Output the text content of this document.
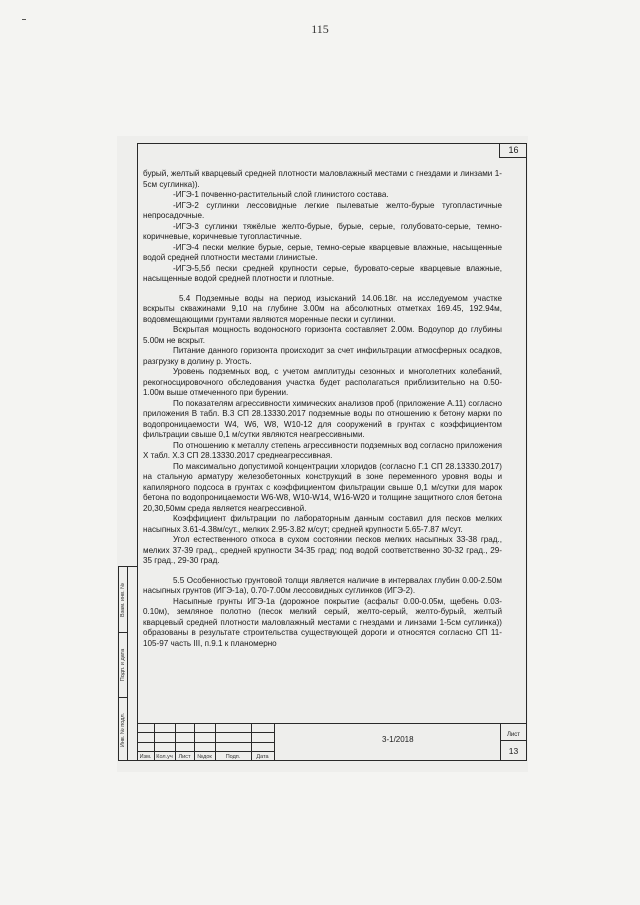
115
16
Взам. инв. №
Подп. и дата
Инв. № подл.

бурый, желтый кварцевый средней плотности маловлажный местами с гнездами и линзами 1-5см суглинка)).

-ИГЭ-1 почвенно-растительный слой глинистого состава.

-ИГЭ-2 суглинки лессовидные легкие пылеватые желто-бурые тугопластичные непросадочные.

-ИГЭ-3 суглинки тяжёлые желто-бурые, бурые, серые, голубовато-серые, темно-коричневые, коричневые тугопластичные.

-ИГЭ-4 пески мелкие бурые, серые, темно-серые кварцевые влажные, насыщенные водой средней плотности местами глинистые.

-ИГЭ-5,5б пески средней крупности серые, буровато-серые кварцевые влажные, насыщенные водой средней плотности и плотные.

5.4 Подземные воды на период изысканий 14.06.18г. на исследуемом участке вскрыты скважинами 9,10 на глубине 3.00м на абсолютных отметках 169.45, 192.94м, водовмещающими грунтами являются моренные пески и суглинки.

Вскрытая мощность водоносного горизонта составляет 2.00м. Водоупор до глубины 5.00м не вскрыт.

Питание данного горизонта происходит за счет инфильтрации атмосферных осадков, разгрузку в долину р. Угость.

Уровень подземных вод, с учетом амплитуды сезонных и многолетних колебаний, рекогносцировочного обследования участка будет располагаться приблизительно на 0.50-1.00м выше отмеченного при бурении.

По показателям агрессивности химических анализов проб (приложение А.11) согласно приложения В табл. В.3 СП 28.13330.2017 подземные воды по отношению к бетону марки по водопроницаемости W4, W6, W8, W10-12 для сооружений в грунтах с коэффициентом фильтрации свыше 0,1 м/сутки являются неагрессивными.

По отношению к металлу степень агрессивности подземных вод согласно приложения Х табл. Х.3 СП 28.13330.2017 среднеагрессивная.

По максимально допустимой концентрации хлоридов (согласно Г.1 СП 28.13330.2017) на стальную арматуру железобетонных конструкций в зоне переменного уровня воды и капилярного подсоса в грунтах с коэффициентом фильтрации свыше 0,1 м/сутки для марок бетона по водопроницаемости W6-W8, W10-W14, W16-W20 и толщине защитного слоя бетона 20,30,50мм среда является неагрессивной.

Коэффициент фильтрации по лабораторным данным составил для песков мелких насыпных 3.61-4.38м/сут., мелких 2.95-3.82 м/сут; средней крупности 5.65-7.87 м/сут.

Угол естественного откоса в сухом состоянии песков мелких насыпных 33-38 град., мелких 37-39 град., средней крупности 34-35 град; под водой соответственно 30-32 град., 29-35 град., 29-30 град.

5.5 Особенностью грунтовой толщи является наличие в интервалах глубин 0.00-2.50м насыпных грунтов (ИГЭ-1а), 0.70-7.00м лессовидных суглинков (ИГЭ-2).

Насыпные грунты ИГЭ-1а (дорожное покрытие (асфальт 0.00-0.05м, щебень 0.03-0.10м), земляное полотно (песок мелкий серый, желто-серый, желто-бурый, желтый кварцевый средней плотности маловлажный местами с гнездами и линзами 1-5см суглинка)) образованы в результате строительства существующей дороги и относятся согласно СП 11-105-97 часть III, п.9.1 к планомерно

Изм. Кол.уч	Лист	№док	Подп.	Дата
3-1/2018	Лист
13
